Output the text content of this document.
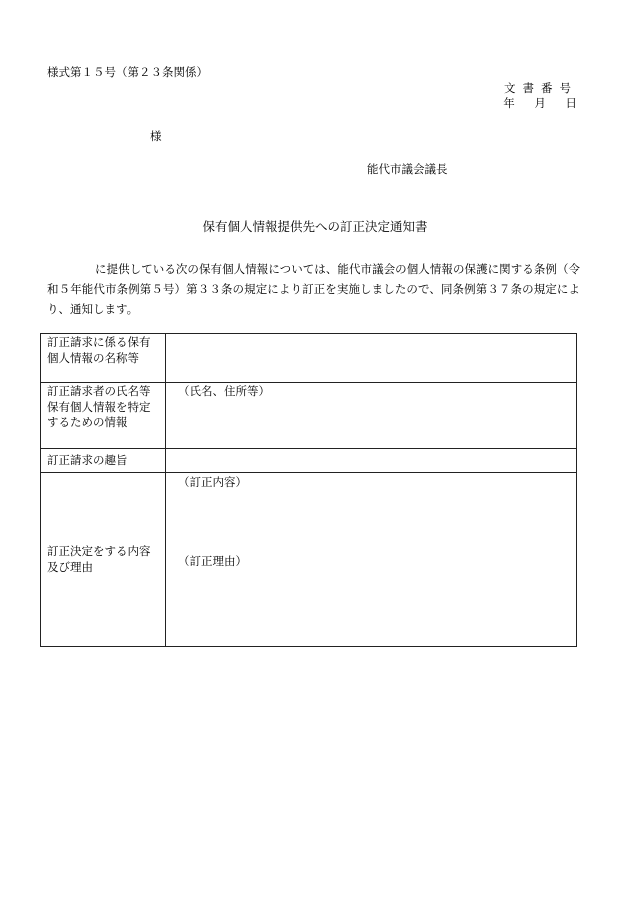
様式第１５号（第２３条関係）
文書番号
年 月 日
様
能代市議会議長
保有個人情報提供先への訂正決定通知書
に提供している次の保有個人情報については、能代市議会の個人情報の保護に関する条例（令和５年能代市条例第５号）第３３条の規定により訂正を実施しましたので、同条例第３７条の規定により、通知します。
訂正請求に係る保有個人情報の名称等	
訂正請求者の氏名等保有個人情報を特定するための情報	（氏名、住所等）
訂正請求の趣旨	
訂正決定をする内容及び理由	（訂正内容）
（訂正理由）
